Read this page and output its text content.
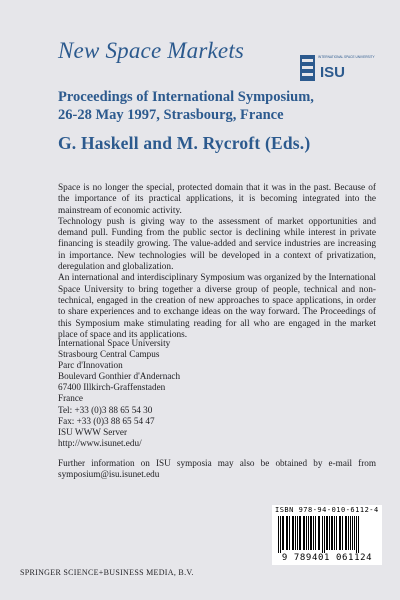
New Space Markets	INTERNATIONAL SPACE UNIVERSITY
ISU
Proceedings of International Symposium,
26-28 May 1997, Strasbourg, France
G. Haskell and M. Rycroft (Eds.)

Space is no longer the special, protected domain that it was in the past. Because of the importance of its practical applications, it is becoming integrated into the mainstream of economic activity.

Technology push is giving way to the assessment of market opportunities and demand pull. Funding from the public sector is declining while interest in private financing is steadily growing. The value-added and service industries are increasing in importance. New technologies will be developed in a context of privatization, deregulation and globalization.

An international and interdisciplinary Symposium was organized by the International Space University to bring together a diverse group of people, technical and non-technical, engaged in the creation of new approaches to space applications, in order to share experiences and to exchange ideas on the way forward. The Proceedings of this Symposium make stimulating reading for all who are engaged in the market place of space and its applications.

International Space University
Strasbourg Central Campus
Parc d'Innovation
Boulevard Gonthier d'Andernach
67400 Illkirch-Graffenstaden
France
Tel: +33 (0)3 88 65 54 30
Fax: +33 (0)3 88 65 54 47
ISU WWW Server
http://www.isunet.edu/
Further information on ISU symposia may also be obtained by e-mail from symposium@isu.isunet.edu
ISBN 978-94-010-6112-4
9 789401 061124
SPRINGER SCIENCE+BUSINESS MEDIA, B.V.
